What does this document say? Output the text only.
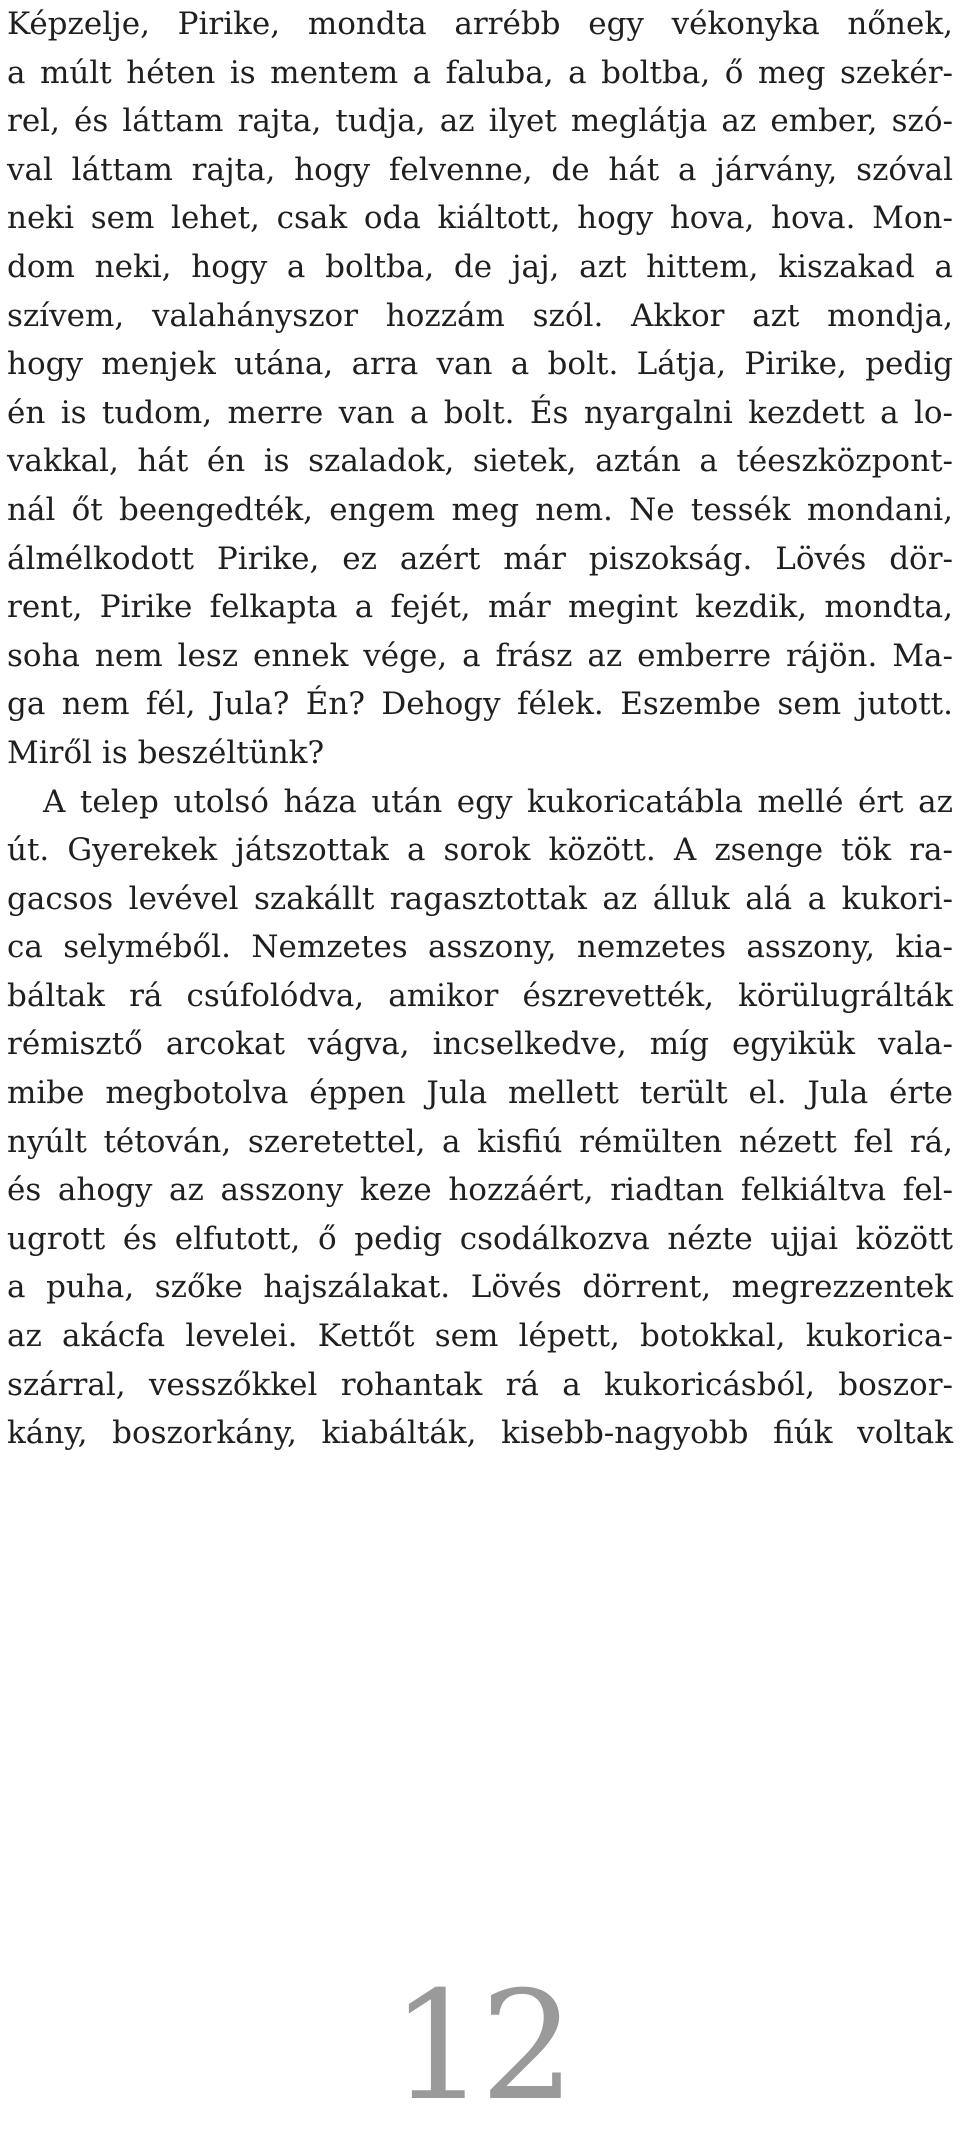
Képzelje, Pirike, mondta arrébb egy vékonyka nőnek,
a múlt héten is mentem a faluba, a boltba, ő meg szekér-
rel, és láttam rajta, tudja, az ilyet meglátja az ember, szó-
val láttam rajta, hogy felvenne, de hát a járvány, szóval
neki sem lehet, csak oda kiáltott, hogy hova, hova. Mon-
dom neki, hogy a boltba, de jaj, azt hittem, kiszakad a
szívem, valahányszor hozzám szól. Akkor azt mondja,
hogy menjek utána, arra van a bolt. Látja, Pirike, pedig
én is tudom, merre van a bolt. És nyargalni kezdett a lo-
vakkal, hát én is szaladok, sietek, aztán a téeszközpont-
nál őt beengedték, engem meg nem. Ne tessék mondani,
álmélkodott Pirike, ez azért már piszokság. Lövés dör-
rent, Pirike felkapta a fejét, már megint kezdik, mondta,
soha nem lesz ennek vége, a frász az emberre rájön. Ma-
ga nem fél, Jula? Én? Dehogy félek. Eszembe sem jutott.
Miről is beszéltünk?
A telep utolsó háza után egy kukoricatábla mellé ért az
út. Gyerekek játszottak a sorok között. A zsenge tök ra-
gacsos levével szakállt ragasztottak az álluk alá a kukori-
ca selyméből. Nemzetes asszony, nemzetes asszony, kia-
báltak rá csúfolódva, amikor észrevették, körülugrálták
rémisztő arcokat vágva, incselkedve, míg egyikük vala-
mibe megbotolva éppen Jula mellett terült el. Jula érte
nyúlt tétován, szeretettel, a kisfiú rémülten nézett fel rá,
és ahogy az asszony keze hozzáért, riadtan felkiáltva fel-
ugrott és elfutott, ő pedig csodálkozva nézte ujjai között
a puha, szőke hajszálakat. Lövés dörrent, megrezzentek
az akácfa levelei. Kettőt sem lépett, botokkal, kukorica-
szárral, vesszőkkel rohantak rá a kukoricásból, boszor-
kány, boszorkány, kiabálták, kisebb-nagyobb fiúk voltak
12
